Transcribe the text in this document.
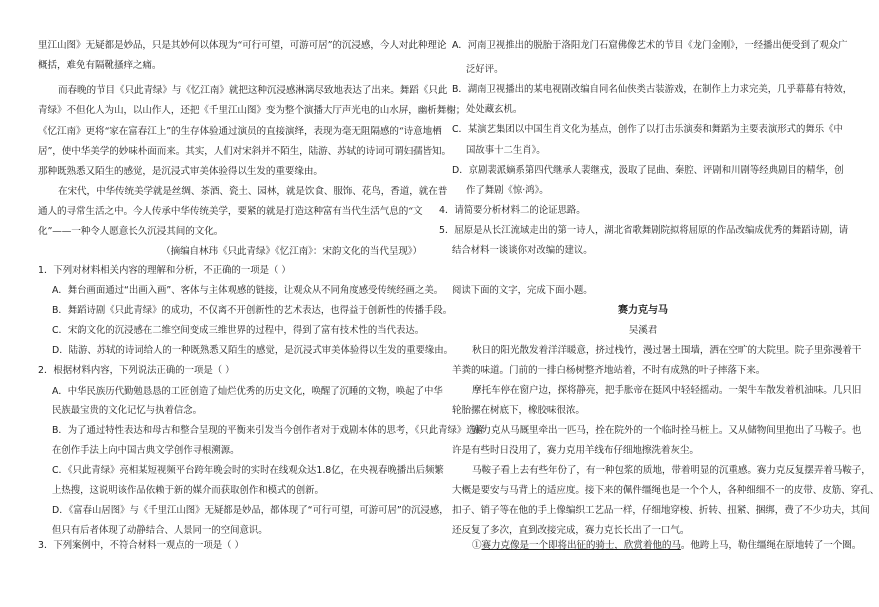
里江山图》无疑都是妙品，只是其妙何以体现为“可行可望，可游可居”的沉浸感，今人对此种理论
概括，难免有隔靴搔痒之痛。
而春晚的节目《只此青绿》与《忆江南》就把这种沉浸感淋漓尽致地表达了出来。舞蹈《只此
青绿》不但化人为山，以山作人，还把《千里江山图》变为整个演播大厅声光电的山水屏，幽析舞榭；
《忆江南》更将“家在富春江上”的生存体验通过演员的直接演绎，表现为毫无阻隔感的“诗意地栖
居”，使中华美学的妙味朴面而来。其实，人们对宋斜并不陌生，陆游、苏轼的诗词可谓妇孺皆知。
那种既熟悉又陌生的感觉，是沉浸式审美体验得以生发的重要缘由。
在宋代，中华传统美学就是丝绸、茶酒、瓷土、园林，就是饮食、服饰、花鸟，香道，就在普
通人的寻常生活之中。今人传承中华传统美学，要紧的就是打造这种富有当代生活气息的“文
化”——一种令人愿意长久沉浸其间的文化。
（摘编自林玮《只此青绿》《忆江南》：宋韵文化的当代呈现》）
1．下列对材料相关内容的理解和分析，不正确的一项是（ ）
A．舞台画面通过“出画入画”、客体与主体观感的链接，让观众从不同角度感受传统经画之美。
B．舞蹈诗剧《只此青绿》的成功，不仅离不开创新性的艺术表达，也得益于创新性的传播手段。
C．宋韵文化的沉浸感在二维空间变成三维世界的过程中，得到了富有技术性的当代表达。
D．陆游、苏轼的诗词给人的一种既熟悉又陌生的感觉，是沉浸式审美体验得以生发的重要缘由。
2．根据材料内容，下列说法正确的一项是（ ）
A．中华民族历代勤勉恳恳的工匠创造了灿烂优秀的历史文化，唤醒了沉睡的文物，唤起了中华
民族最宝贵的文化记忆与执着信念。
B．为了通过特性表达和母古和整合呈现的平衡来引发当今创作者对于戏剧本体的思考，《只此青绿》选择
在创作手法上向中国古典文学创作寻根溯源。
C．《只此青绿》亮相某短视频平台跨年晚会时的实时在线观众达1.8亿，在央视春晚播出后频繁
上热搜，这说明该作品依赖于新的媒介而获取创作和模式的创新。
D．《富春山居图》与《千里江山图》无疑都是妙品，都体现了“可行可望，可游可居”的沉浸感，
但只有后者体现了动静结合、人景同一的空间意识。
3．下列案例中，不符合材料一观点的一项是（ ）
A．河南卫视推出的脱胎于洛阳龙门石窟佛像艺术的节目《龙门金刚》，一经播出便受到了观众广
泛好评。
B．湖南卫视播出的某电视剧改编自同名仙侠类古装游戏，在制作上力求完美，几乎幕幕有特效，
处处藏玄机。
C．某演艺集团以中国生肖文化为基点，创作了以打击乐演奏和舞蹈为主要表演形式的舞乐《中
国故事十二生肖》。
D．京剧裴派嫡系第四代继承人裴继戎，汲取了昆曲、秦腔、评剧和川剧等经典剧目的精华，创
作了舞剧《惊·鸿》。
4．请简要分析材料二的论证思路。
5．屈原是从长江流域走出的第一诗人，湖北省歌舞剧院拟将屈原的作品改编成优秀的舞蹈诗剧，请
结合材料一谈谈你对改编的建议。
阅读下面的文字，完成下面小题。
赛力克与马
吴溪君
秋日的阳光散发着洋洋暖意，挤过栈竹，漫过暑土围墙，洒在空旷的大院里。院子里弥漫着干
羊粪的味道。门前的一排白杨树整齐地站着，不时有成熟的叶子摔落下来。
摩托车停在窗户边，探将静亮，把手胀帝在挺风中轻轻摇动。一架牛车散发着机油味。几只旧
轮胎摞在树底下，橡胶味很浓。
赛力克从马厩里牵出一匹马，拴在院外的一个临时拴马桩上。又从储物间里抱出了马鞍子。也
许是有些时日没用了，赛力克用羊线布仔细地擦洗着灰尘。
马鞍子看上去有些年份了，有一种包浆的质地，带着明显的沉重感。赛力克反复摆弄着马鞍子，
大概是要安与马背上的适应度。接下来的佩件缰绳也是一个个人，各种细细不一的皮带、皮筋、穿孔、
扣子、销子等在他的手上像编织工艺品一样，仔细地穿梭、折转、扭紧、捆绑，费了不少功夫，其间
还反复了多次，直到改接完成，赛力克长长出了一口气。
①赛力克像是一个即将出征的骑士，欣赏着他的马。他跨上马，勒住缰绳在原地转了一个圈。
